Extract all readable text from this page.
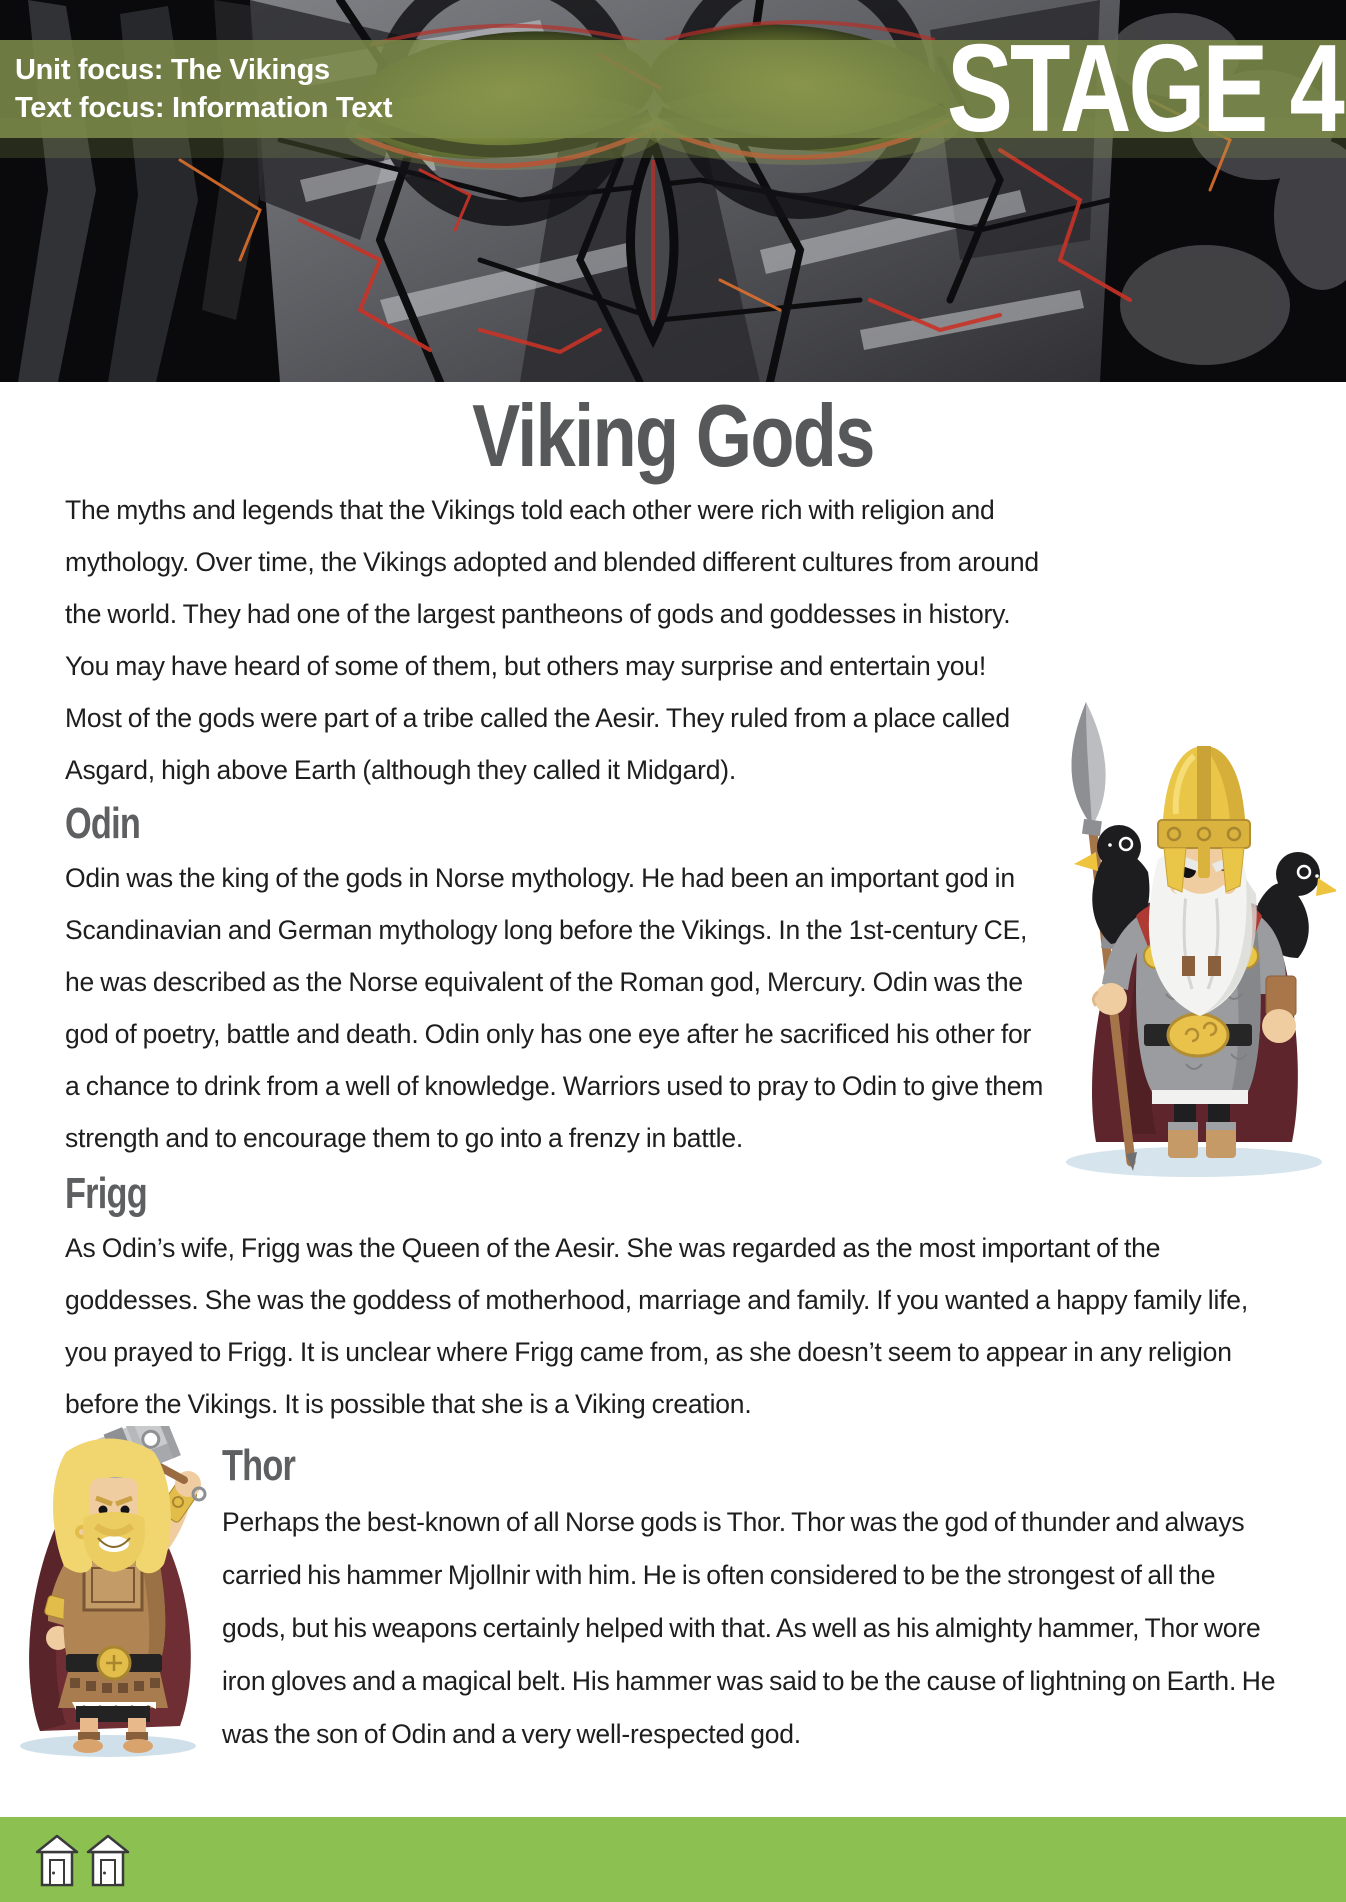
Unit focus: The Vikings
Text focus: Information Text	STAGE 4
Viking Gods

The myths and legends that the Vikings told each other were rich with religion and mythology. Over time, the Vikings adopted and blended different cultures from around the world. They had one of the largest pantheons of gods and goddesses in history. You may have heard of some of them, but others may surprise and entertain you! Most of the gods were part of a tribe called the Aesir. They ruled from a place called Asgard, high above Earth (although they called it Midgard).

Odin

Odin was the king of the gods in Norse mythology. He had been an important god in Scandinavian and German mythology long before the Vikings. In the 1st-century CE, he was described as the Norse equivalent of the Roman god, Mercury. Odin was the god of poetry, battle and death. Odin only has one eye after he sacrificed his other for a chance to drink from a well of knowledge. Warriors used to pray to Odin to give them strength and to encourage them to go into a frenzy in battle.

Frigg

As Odin’s wife, Frigg was the Queen of the Aesir. She was regarded as the most important of the goddesses. She was the goddess of motherhood, marriage and family. If you wanted a happy family life, you prayed to Frigg. It is unclear where Frigg came from, as she doesn’t seem to appear in any religion before the Vikings. It is possible that she is a Viking creation.

Thor

Perhaps the best-known of all Norse gods is Thor. Thor was the god of thunder and always carried his hammer Mjollnir with him. He is often considered to be the strongest of all the gods, but his weapons certainly helped with that. As well as his almighty hammer, Thor wore iron gloves and a magical belt. His hammer was said to be the cause of lightning on Earth. He was the son of Odin and a very well-respected god.
